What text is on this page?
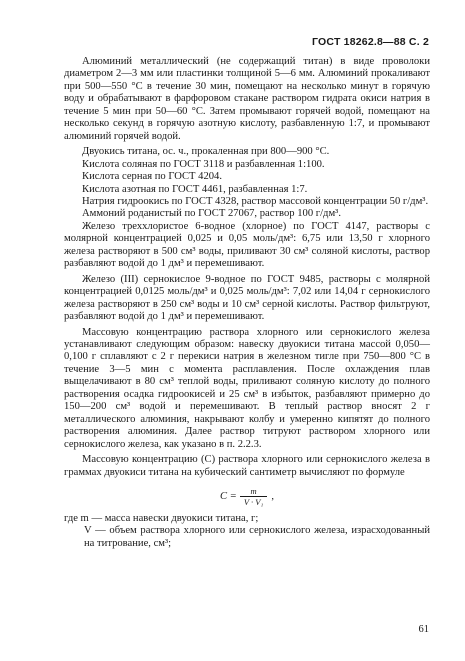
ГОСТ 18262.8—88 С. 2

Алюминий металлический (не содержащий титан) в виде проволоки диаметром 2—3 мм или пластинки толщиной 5—6 мм. Алюминий прокаливают при 500—550 °С в течение 30 мин, помещают на несколько минут в горячую воду и обрабатывают в фарфоровом стакане раствором гидрата окиси натрия в течение 5 мин при 50—60 °С. Затем промывают горячей водой, помещают на несколько секунд в горячую азотную кислоту, разбавленную 1:7, и промывают алюминий горячей водой.

Двуокись титана, ос. ч., прокаленная при 800—900 °С.

Кислота соляная по ГОСТ 3118 и разбавленная 1:100.

Кислота серная по ГОСТ 4204.

Кислота азотная по ГОСТ 4461, разбавленная 1:7.

Натрия гидроокись по ГОСТ 4328, раствор массовой концентрации 50 г/дм³.

Аммоний роданистый по ГОСТ 27067, раствор 100 г/дм³.

Железо треххлористое 6-водное (хлорное) по ГОСТ 4147, растворы с молярной концентрацией 0,025 и 0,05 моль/дм³: 6,75 или 13,50 г хлорного железа растворяют в 500 см³ воды, приливают 30 см³ соляной кислоты, раствор разбавляют водой до 1 дм³ и перемешивают.

Железо (III) сернокислое 9-водное по ГОСТ 9485, растворы с молярной концентрацией 0,0125 моль/дм³ и 0,025 моль/дм³: 7,02 или 14,04 г сернокислого железа растворяют в 250 см³ воды и 10 см³ серной кислоты. Раствор фильтруют, разбавляют водой до 1 дм³ и перемешивают.

Массовую концентрацию раствора хлорного или сернокислого железа устанавливают следующим образом: навеску двуокиси титана массой 0,050—0,100 г сплавляют с 2 г перекиси натрия в железном тигле при 750—800 °С в течение 3—5 мин с момента расплавления. После охлаждения плав выщелачивают в 80 см³ теплой воды, приливают соляную кислоту до полного растворения осадка гидроокисей и 25 см³ в избыток, разбавляют примерно до 150—200 см³ водой и перемешивают. В теплый раствор вносят 2 г металлического алюминия, накрывают колбу и умеренно кипятят до полного растворения алюминия. Далее раствор титруют раствором хлорного или сернокислого железа, как указано в п. 2.2.3.

Массовую концентрацию (С) раствора хлорного или сернокислого железа в граммах двуокиси титана на кубический сантиметр вычисляют по формуле

$C = \frac{m}{\text{V · V₁}}$ ,
где m — масса навески двуокиси титана, г;
V — объем раствора хлорного или сернокислого железа, израсходованный на титрование, см³;
61
